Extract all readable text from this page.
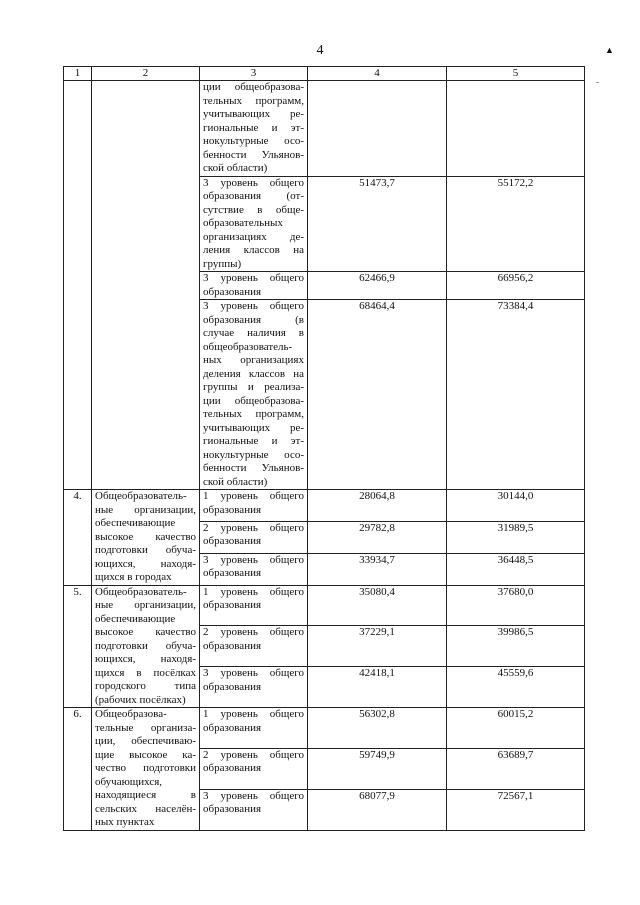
4	▲
ˉ
1	2	3	4	5
		ции общеобразова-тельных программ, учитывающих ре-гиональные и эт-нокультурные осо-бенности Ульянов-ской области)		
		3 уровень общего образования (от-сутствие в обще-образовательных организациях де-ления классов на группы)	51473,7	55172,2
		3 уровень общего образования	62466,9	66956,2
		3 уровень общего образования (в случае наличия в общеобразователь-ных организациях деления классов на группы и реализа-ции общеобразова-тельных программ, учитывающих ре-гиональные и эт-нокультурные осо-бенности Ульянов-ской области)	68464,4	73384,4
4.	Общеобразователь-ные организации, обеспечивающие высокое качество подготовки обуча-ющихся, находя-щихся в городах	1 уровень общего образования	28064,8	30144,0
		2 уровень общего образования	29782,8	31989,5
		3 уровень общего образования	33934,7	36448,5
5.	Общеобразователь-ные организации, обеспечивающие высокое качество подготовки обуча-ющихся, находя-щихся в посёлках городского типа (рабочих посёлках)	1 уровень общего образования	35080,4	37680,0
		2 уровень общего образования	37229,1	39986,5
		3 уровень общего образования	42418,1	45559,6
6.	Общеобразова-тельные организа-ции, обеспечиваю-щие высокое ка-чество подготовки обучающихся, находящиеся в сельских населён-ных пунктах	1 уровень общего образования	56302,8	60015,2
		2 уровень общего образования	59749,9	63689,7
		3 уровень общего образования	68077,9	72567,1
